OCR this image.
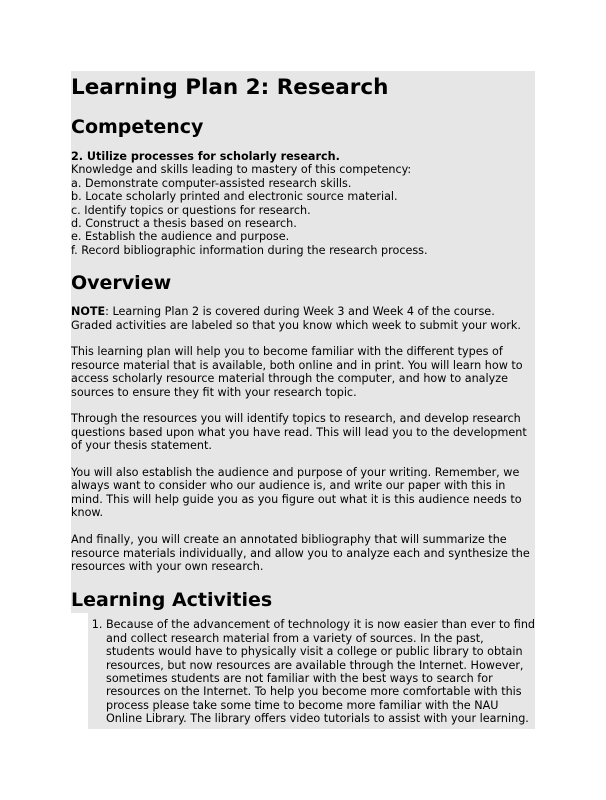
Learning Plan 2: Research
Competency

2. Utilize processes for scholarly research.

Knowledge and skills leading to mastery of this competency:

a. Demonstrate computer-assisted research skills.

b. Locate scholarly printed and electronic source material.

c. Identify topics or questions for research.

d. Construct a thesis based on research.

e. Establish the audience and purpose.

f. Record bibliographic information during the research process.

Overview

NOTE: Learning Plan 2 is covered during Week 3 and Week 4 of the course. Graded activities are labeled so that you know which week to submit your work.

This learning plan will help you to become familiar with the different types of resource material that is available, both online and in print. You will learn how to access scholarly resource material through the computer, and how to analyze sources to ensure they fit with your research topic.

Through the resources you will identify topics to research, and develop research questions based upon what you have read. This will lead you to the development of your thesis statement.

You will also establish the audience and purpose of your writing. Remember, we always want to consider who our audience is, and write our paper with this in mind. This will help guide you as you figure out what it is this audience needs to know.

And finally, you will create an annotated bibliography that will summarize the resource materials individually, and allow you to analyze each and synthesize the resources with your own research.

Learning Activities
1. Because of the advancement of technology it is now easier than ever to find and collect research material from a variety of sources. In the past, students would have to physically visit a college or public library to obtain resources, but now resources are available through the Internet. However, sometimes students are not familiar with the best ways to search for resources on the Internet. To help you become more comfortable with this process please take some time to become more familiar with the NAU Online Library. The library offers video tutorials to assist with your learning.
